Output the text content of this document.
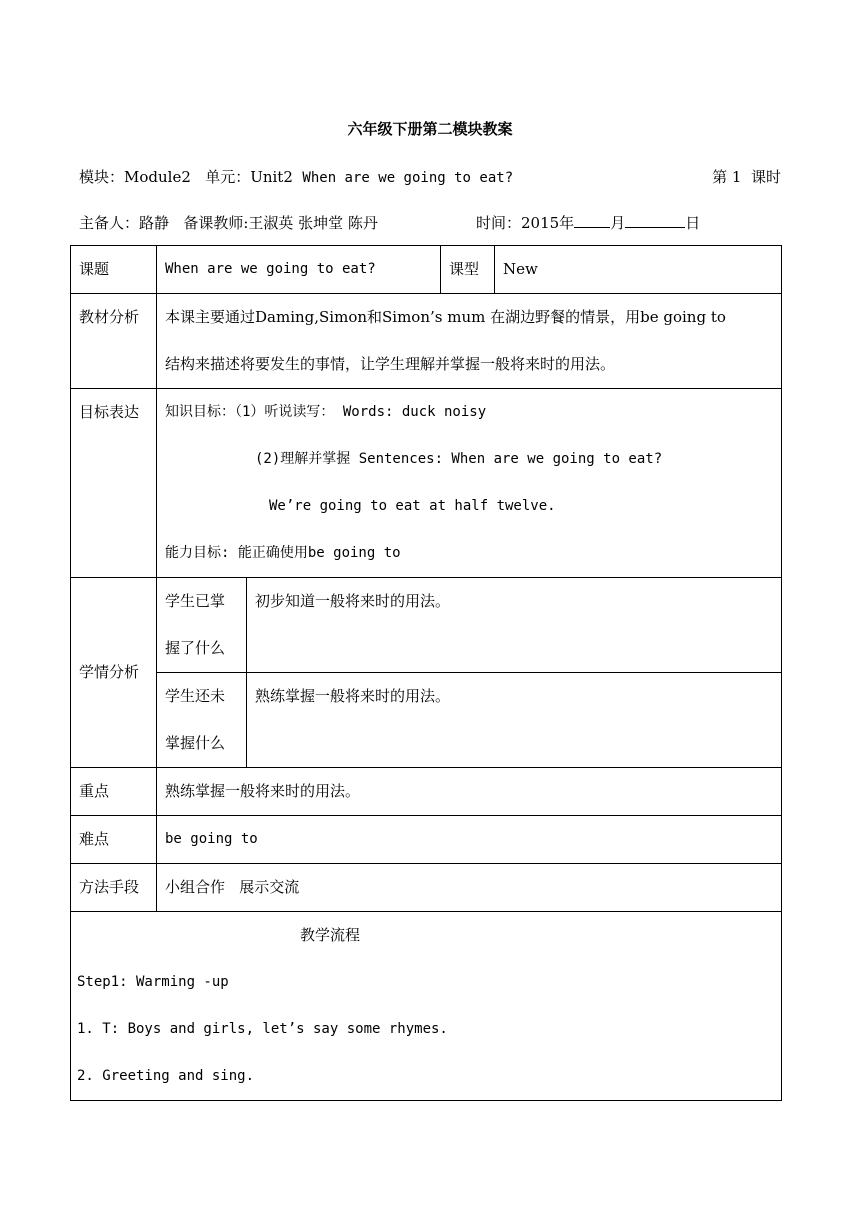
六年级下册第二模块教案
模块：Module2 单元：Unit2 When are we going to eat?	第 1  课时
主备人：路静 备课教师:王淑英 张坤堂 陈丹	时间：2015年 月	日
课题	When are we going to eat?		课型	New
教材分析	本课主要通过Daming,Simon和Simon’s mum 在湖边野餐的情景，用be going to
结构来描述将要发生的事情，让学生理解并掌握一般将来时的用法。			

目标表达	知识目标：（1）听说读写： Words: duck noisy
(2)理解并掌握 Sentences: When are we going to eat?
We’re going to eat at half twelve.
能力目标: 能正确使用be going to			

学情分析	学生已掌
握了什么	初步知道一般将来时的用法。		

	学生还未
掌握什么	熟练掌握一般将来时的用法。		
重点	熟练掌握一般将来时的用法。			
难点	be going to			
方法手段	小组合作   展示交流			

教学流程
Step1: Warming -up
1. T: Boys and girls, let’s say some rhymes.
2. Greeting and sing.				
